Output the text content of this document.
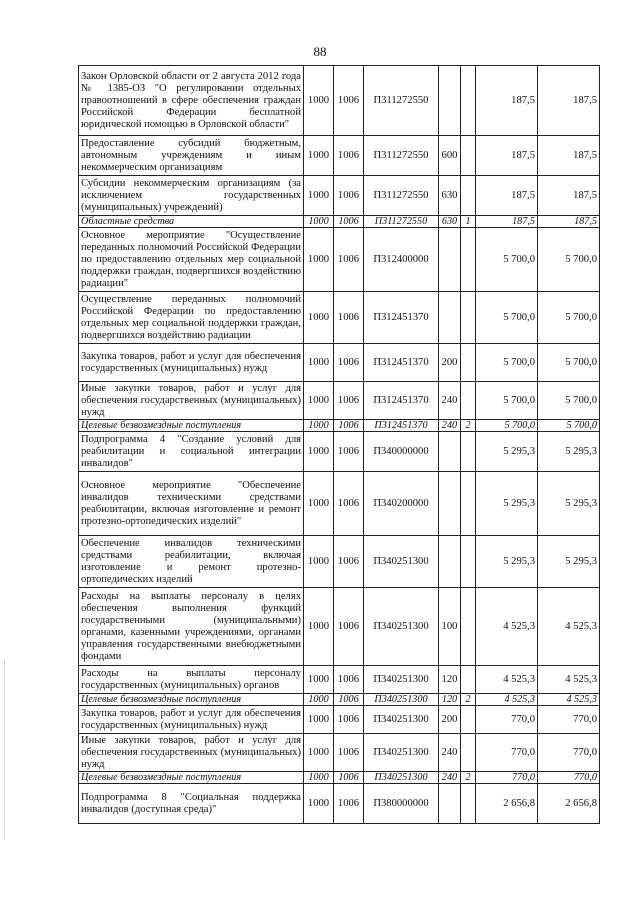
88
Закон Орловской области от 2 августа 2012 года № 1385-ОЗ "О регулировании отдельных правоотношений в сфере обеспечения граждан Российской Федерации бесплатной юридической помощью в Орловской области"	1000	1006	П311272550			187,5	187,5
Предоставление субсидий бюджетным, автономным учреждениям и иным некоммерческим организациям	1000	1006	П311272550	600		187,5	187,5
Субсидии некоммерческим организациям (за исключением государственных (муниципальных) учреждений)	1000	1006	П311272550	630		187,5	187,5
Областные средства	1000	1006	П311272550	630	1	187,5	187,5
Основное мероприятие "Осуществление переданных полномочий Российской Федерации по предоставлению отдельных мер социальной поддержки граждан, подвергшихся воздействию радиации"	1000	1006	П312400000			5 700,0	5 700,0
Осуществление переданных полномочий Российской Федерации по предоставлению отдельных мер социальной поддержки граждан, подвергшихся воздействию радиации	1000	1006	П312451370			5 700,0	5 700,0
Закупка товаров, работ и услуг для обеспечения государственных (муниципальных) нужд	1000	1006	П312451370	200		5 700,0	5 700,0
Иные закупки товаров, работ и услуг для обеспечения государственных (муниципальных) нужд	1000	1006	П312451370	240		5 700,0	5 700,0
Целевые безвозмездные поступления	1000	1006	П312451370	240	2	5 700,0	5 700,0
Подпрограмма 4 "Создание условий для реабилитации и социальной интеграции инвалидов"	1000	1006	П340000000			5 295,3	5 295,3
Основное мероприятие "Обеспечение инвалидов техническими средствами реабилитации, включая изготовление и ремонт протезно-ортопедических изделий"	1000	1006	П340200000			5 295,3	5 295,3
Обеспечение инвалидов техническими средствами реабилитации, включая изготовление и ремонт протезно-ортопедических изделий	1000	1006	П340251300			5 295,3	5 295,3
Расходы на выплаты персоналу в целях обеспечения выполнения функций государственными (муниципальными) органами, казенными учреждениями, органами управления государственными внебюджетными фондами	1000	1006	П340251300	100		4 525,3	4 525,3
Расходы на выплаты персоналу государственных (муниципальных) органов	1000	1006	П340251300	120		4 525,3	4 525,3
Целевые безвозмездные поступления	1000	1006	П340251300	120	2	4 525,3	4 525,3
Закупка товаров, работ и услуг для обеспечения государственных (муниципальных) нужд	1000	1006	П340251300	200		770,0	770,0
Иные закупки товаров, работ и услуг для обеспечения государственных (муниципальных) нужд	1000	1006	П340251300	240		770,0	770,0
Целевые безвозмездные поступления	1000	1006	П340251300	240	2	770,0	770,0
Подпрограмма 8 "Социальная поддержка инвалидов (доступная среда)"	1000	1006	П380000000			2 656,8	2 656,8
